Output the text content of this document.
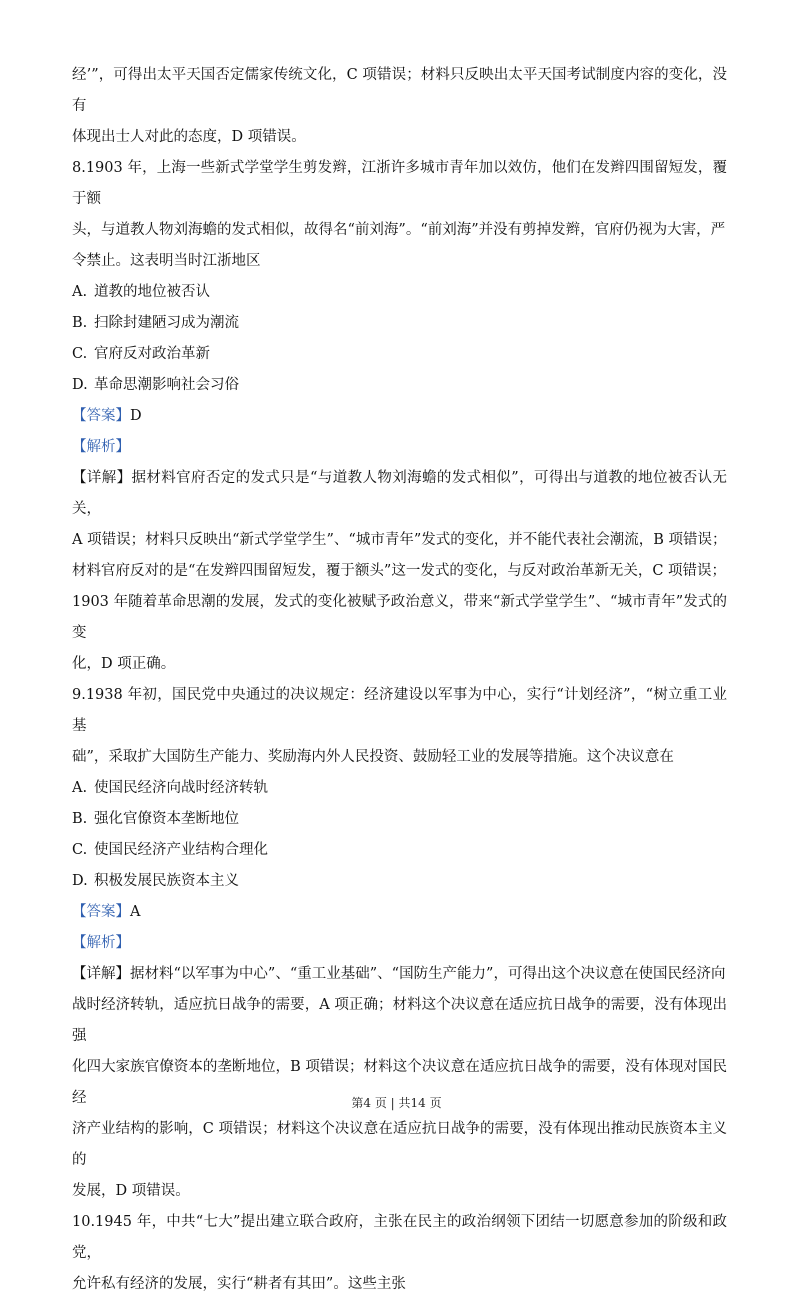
经’”，可得出太平天国否定儒家传统文化，C 项错误；材料只反映出太平天国考试制度内容的变化，没有

体现出士人对此的态度，D 项错误。

8.1903 年，上海一些新式学堂学生剪发辫，江浙许多城市青年加以效仿，他们在发辫四围留短发，覆于额

头，与道教人物刘海蟾的发式相似，故得名“前刘海”。“前刘海”并没有剪掉发辫，官府仍视为大害，严

令禁止。这表明当时江浙地区

A. 道教的地位被否认

B. 扫除封建陋习成为潮流

C. 官府反对政治革新

D. 革命思潮影响社会习俗

【答案】D

【解析】

【详解】据材料官府否定的发式只是“与道教人物刘海蟾的发式相似”，可得出与道教的地位被否认无关，

A 项错误；材料只反映出“新式学堂学生”、“城市青年”发式的变化，并不能代表社会潮流，B 项错误；

材料官府反对的是“在发辫四围留短发，覆于额头”这一发式的变化，与反对政治革新无关，C 项错误；

1903 年随着革命思潮的发展，发式的变化被赋予政治意义，带来“新式学堂学生”、“城市青年”发式的变

化，D 项正确。

9.1938 年初，国民党中央通过的决议规定：经济建设以军事为中心，实行“计划经济”，“树立重工业基

础”，采取扩大国防生产能力、奖励海内外人民投资、鼓励轻工业的发展等措施。这个决议意在

A. 使国民经济向战时经济转轨

B. 强化官僚资本垄断地位

C. 使国民经济产业结构合理化

D. 积极发展民族资本主义

【答案】A

【解析】

【详解】据材料“以军事为中心”、“重工业基础”、“国防生产能力”，可得出这个决议意在使国民经济向

战时经济转轨，适应抗日战争的需要，A 项正确；材料这个决议意在适应抗日战争的需要，没有体现出强

化四大家族官僚资本的垄断地位，B 项错误；材料这个决议意在适应抗日战争的需要，没有体现对国民经

济产业结构的影响，C 项错误；材料这个决议意在适应抗日战争的需要，没有体现出推动民族资本主义的

发展，D 项错误。

10.1945 年，中共“七大”提出建立联合政府，主张在民主的政治纲领下团结一切愿意参加的阶级和政党，

允许私有经济的发展，实行“耕者有其田”。这些主张

第4 页 | 共14 页
